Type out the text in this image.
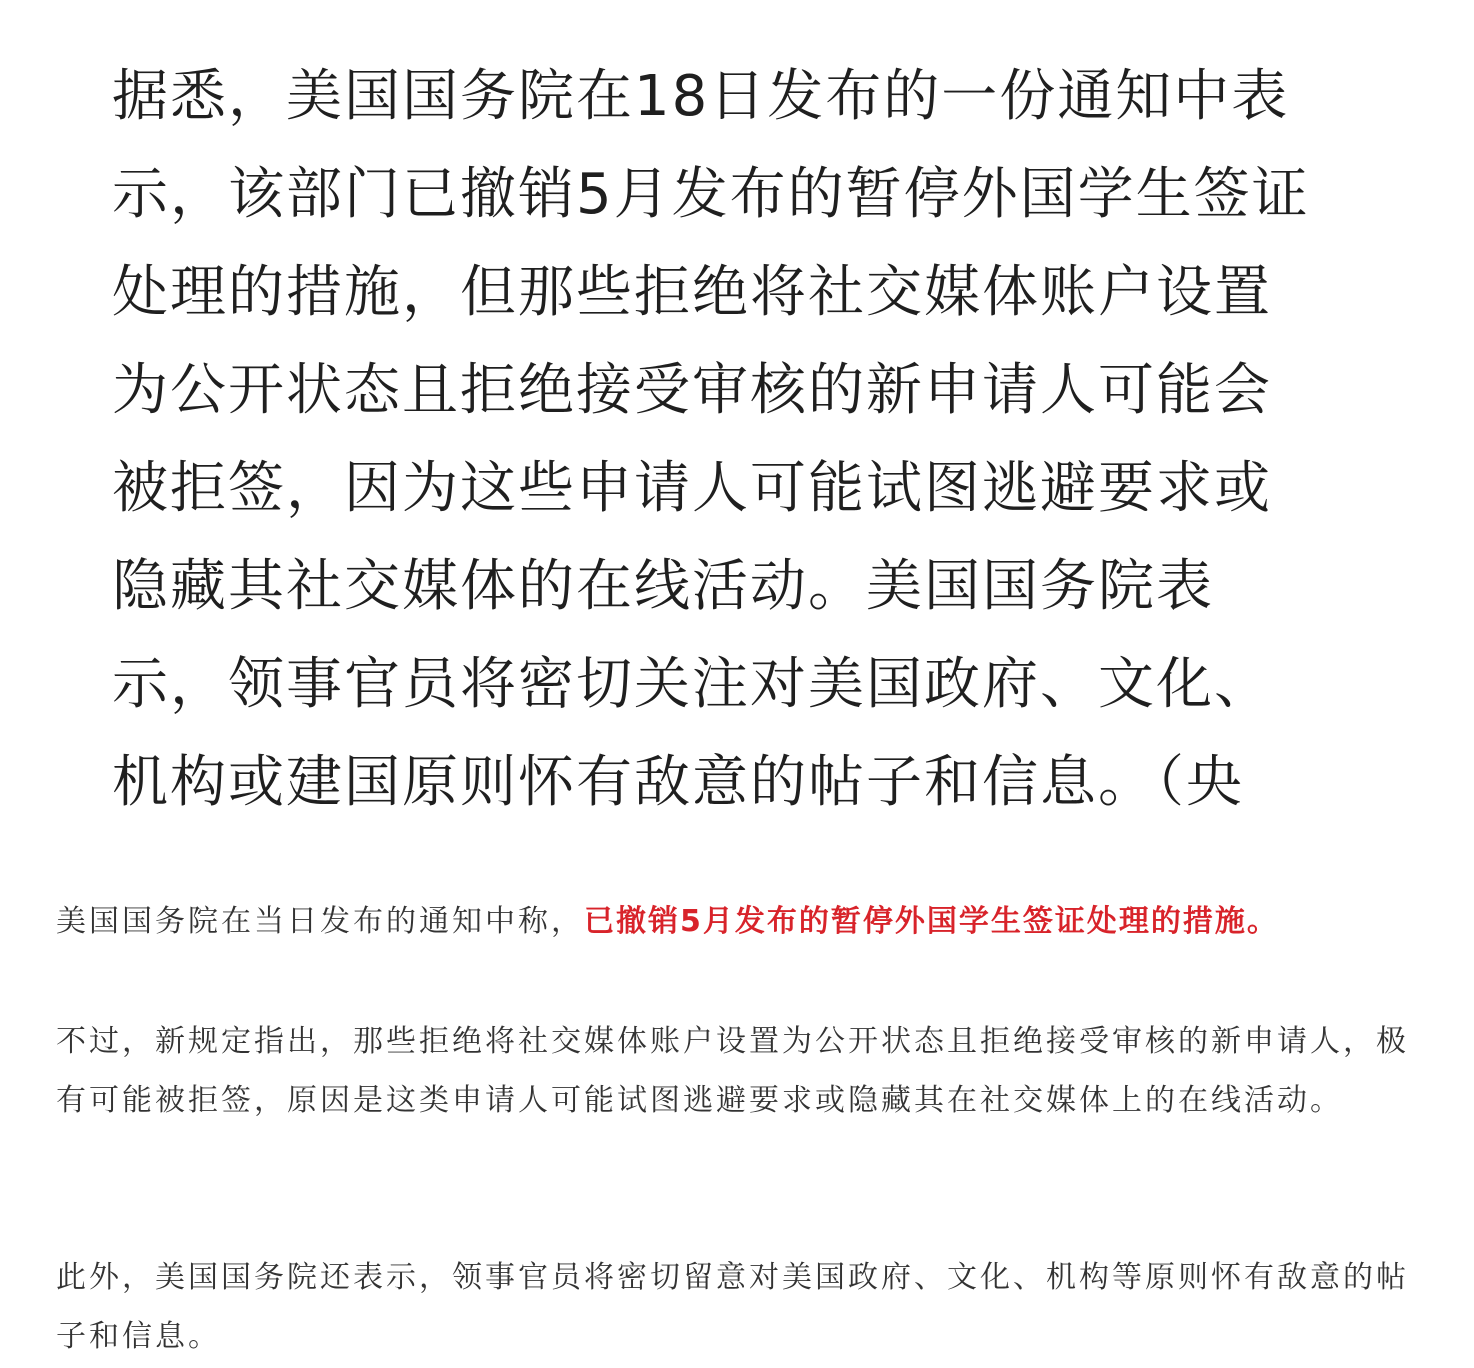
据悉，美国国务院在18日发布的一份通知中表
示，该部门已撤销5月发布的暂停外国学生签证
处理的措施，但那些拒绝将社交媒体账户设置
为公开状态且拒绝接受审核的新申请人可能会
被拒签，因为这些申请人可能试图逃避要求或
隐藏其社交媒体的在线活动。美国国务院表
示，领事官员将密切关注对美国政府、文化、
机构或建国原则怀有敌意的帖子和信息。（央

美国国务院在当日发布的通知中称，已撤销5月发布的暂停外国学生签证处理的措施。

不过，新规定指出，那些拒绝将社交媒体账户设置为公开状态且拒绝接受审核的新申请人，极有可能被拒签，原因是这类申请人可能试图逃避要求或隐藏其在社交媒体上的在线活动。

此外，美国国务院还表示，领事官员将密切留意对美国政府、文化、机构等原则怀有敌意的帖子和信息。
